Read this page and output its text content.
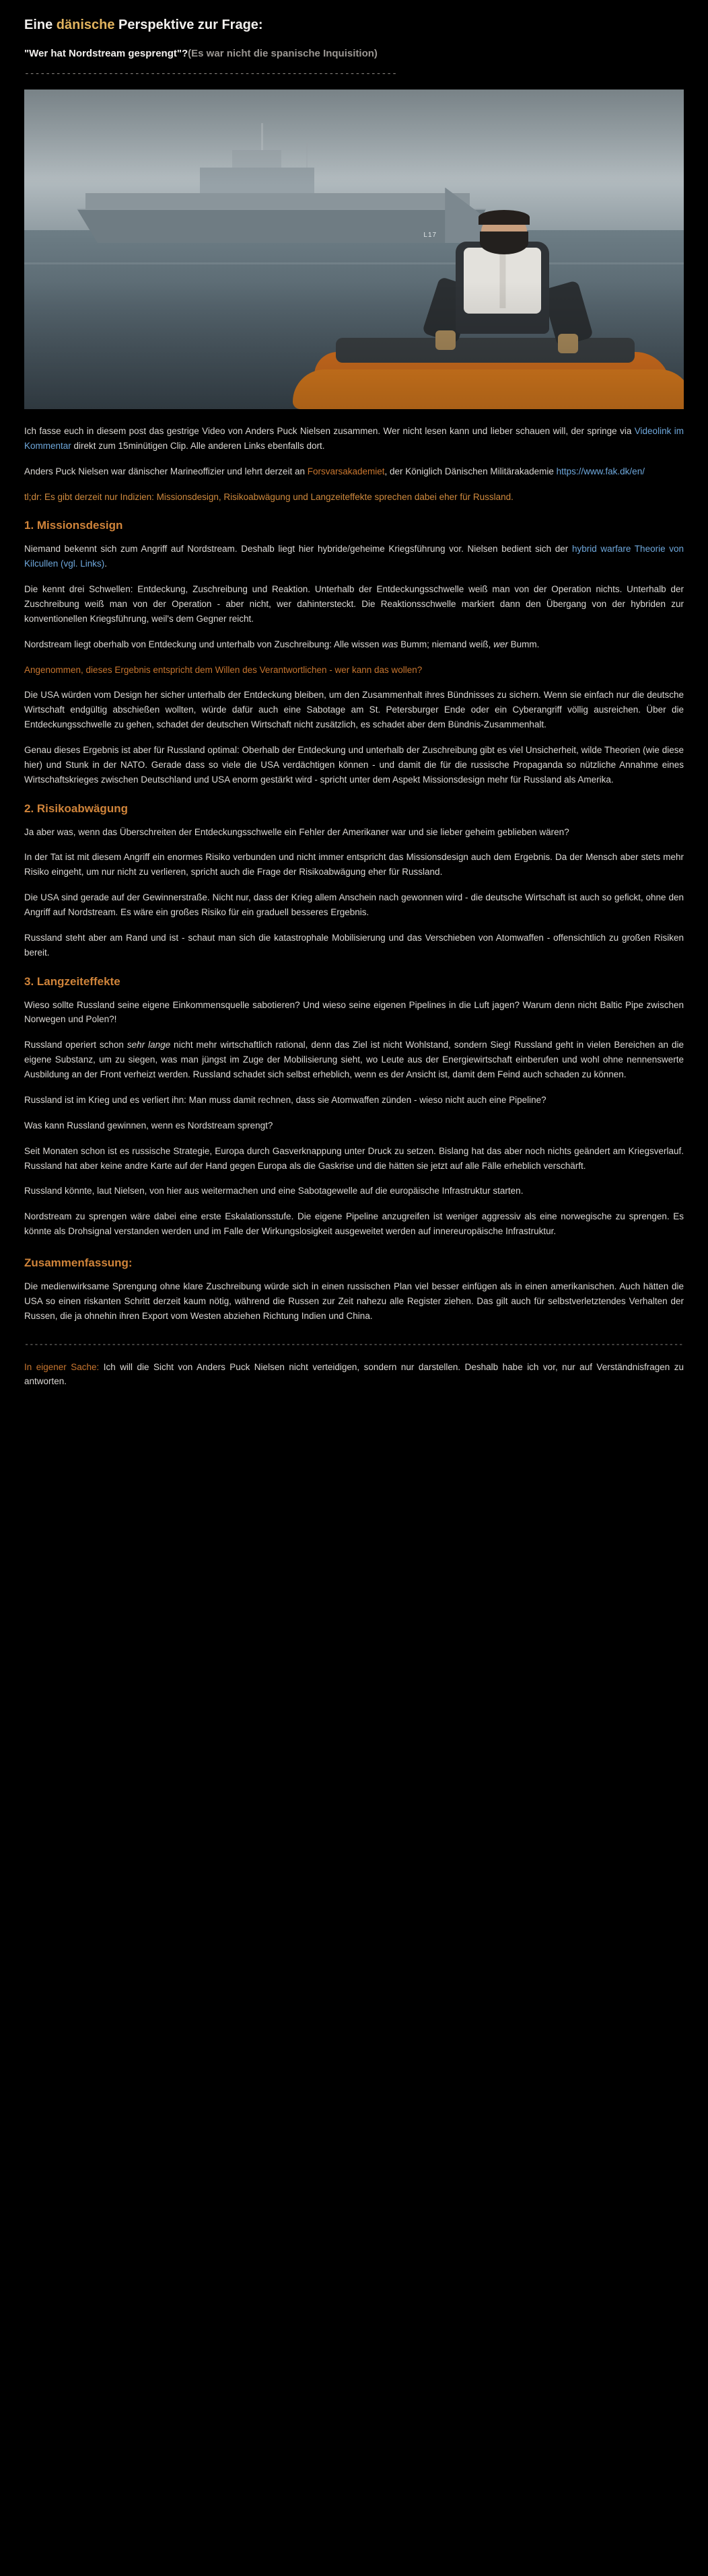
Eine dänische Perspektive zur Frage:
"Wer hat Nordstream gesprengt"?(Es war nicht die spanische Inquisition)
-----------------------------------------------------------------------

Ich fasse euch in diesem post das gestrige Video von Anders Puck Nielsen zusammen. Wer nicht lesen kann und lieber schauen will, der springe via Videolink im Kommentar direkt zum 15minütigen Clip. Alle anderen Links ebenfalls dort.

Anders Puck Nielsen war dänischer Marineoffizier und lehrt derzeit an Forsvarsakademiet, der Königlich Dänischen Militärakademie https://www.fak.dk/en/

tl;dr: Es gibt derzeit nur Indizien: Missionsdesign, Risikoabwägung und Langzeiteffekte sprechen dabei eher für Russland.
1. Missionsdesign

Niemand bekennt sich zum Angriff auf Nordstream. Deshalb liegt hier hybride/geheime Kriegsführung vor. Nielsen bedient sich der hybrid warfare Theorie von Kilcullen (vgl. Links).

Die kennt drei Schwellen: Entdeckung, Zuschreibung und Reaktion. Unterhalb der Entdeckungsschwelle weiß man von der Operation nichts. Unterhalb der Zuschreibung weiß man von der Operation - aber nicht, wer dahintersteckt. Die Reaktionsschwelle markiert dann den Übergang von der hybriden zur konventionellen Kriegsführung, weil's dem Gegner reicht.

Nordstream liegt oberhalb von Entdeckung und unterhalb von Zuschreibung: Alle wissen was Bumm; niemand weiß, wer Bumm.

Angenommen, dieses Ergebnis entspricht dem Willen des Verantwortlichen - wer kann das wollen?

Die USA würden vom Design her sicher unterhalb der Entdeckung bleiben, um den Zusammenhalt ihres Bündnisses zu sichern. Wenn sie einfach nur die deutsche Wirtschaft endgültig abschießen wollten, würde dafür auch eine Sabotage am St. Petersburger Ende oder ein Cyberangriff völlig ausreichen. Über die Entdeckungsschwelle zu gehen, schadet der deutschen Wirtschaft nicht zusätzlich, es schadet aber dem Bündnis-Zusammenhalt.

Genau dieses Ergebnis ist aber für Russland optimal: Oberhalb der Entdeckung und unterhalb der Zuschreibung gibt es viel Unsicherheit, wilde Theorien (wie diese hier) und Stunk in der NATO. Gerade dass so viele die USA verdächtigen können - und damit die für die russische Propaganda so nützliche Annahme eines Wirtschaftskrieges zwischen Deutschland und USA enorm gestärkt wird - spricht unter dem Aspekt Missionsdesign mehr für Russland als Amerika.

2. Risikoabwägung

Ja aber was, wenn das Überschreiten der Entdeckungsschwelle ein Fehler der Amerikaner war und sie lieber geheim geblieben wären?

In der Tat ist mit diesem Angriff ein enormes Risiko verbunden und nicht immer entspricht das Missionsdesign auch dem Ergebnis. Da der Mensch aber stets mehr Risiko eingeht, um nur nicht zu verlieren, spricht auch die Frage der Risikoabwägung eher für Russland.

Die USA sind gerade auf der Gewinnerstraße. Nicht nur, dass der Krieg allem Anschein nach gewonnen wird - die deutsche Wirtschaft ist auch so gefickt, ohne den Angriff auf Nordstream. Es wäre ein großes Risiko für ein graduell besseres Ergebnis.

Russland steht aber am Rand und ist - schaut man sich die katastrophale Mobilisierung und das Verschieben von Atomwaffen - offensichtlich zu großen Risiken bereit.

3. Langzeiteffekte

Wieso sollte Russland seine eigene Einkommensquelle sabotieren? Und wieso seine eigenen Pipelines in die Luft jagen? Warum denn nicht Baltic Pipe zwischen Norwegen und Polen?!

Russland operiert schon sehr lange nicht mehr wirtschaftlich rational, denn das Ziel ist nicht Wohlstand, sondern Sieg! Russland geht in vielen Bereichen an die eigene Substanz, um zu siegen, was man jüngst im Zuge der Mobilisierung sieht, wo Leute aus der Energiewirtschaft einberufen und wohl ohne nennenswerte Ausbildung an der Front verheizt werden. Russland schadet sich selbst erheblich, wenn es der Ansicht ist, damit dem Feind auch schaden zu können.

Russland ist im Krieg und es verliert ihn: Man muss damit rechnen, dass sie Atomwaffen zünden - wieso nicht auch eine Pipeline?

Was kann Russland gewinnen, wenn es Nordstream sprengt?

Seit Monaten schon ist es russische Strategie, Europa durch Gasverknappung unter Druck zu setzen. Bislang hat das aber noch nichts geändert am Kriegsverlauf. Russland hat aber keine andre Karte auf der Hand gegen Europa als die Gaskrise und die hätten sie jetzt auf alle Fälle erheblich verschärft.

Russland könnte, laut Nielsen, von hier aus weitermachen und eine Sabotagewelle auf die europäische Infrastruktur starten.

Nordstream zu sprengen wäre dabei eine erste Eskalationsstufe. Die eigene Pipeline anzugreifen ist weniger aggressiv als eine norwegische zu sprengen. Es könnte als Drohsignal verstanden werden und im Falle der Wirkungslosigkeit ausgeweitet werden auf innereuropäische Infrastruktur.

Zusammenfassung:

Die medienwirksame Sprengung ohne klare Zuschreibung würde sich in einen russischen Plan viel besser einfügen als in einen amerikanischen. Auch hätten die USA so einen riskanten Schritt derzeit kaum nötig, während die Russen zur Zeit nahezu alle Register ziehen. Das gilt auch für selbstverletztendes Verhalten der Russen, die ja ohnehin ihren Export vom Westen abziehen Richtung Indien und China.

----------------------------------------------------------------------------------------------------------------------------------------

In eigener Sache: Ich will die Sicht von Anders Puck Nielsen nicht verteidigen, sondern nur darstellen. Deshalb habe ich vor, nur auf Verständnisfragen zu antworten.
